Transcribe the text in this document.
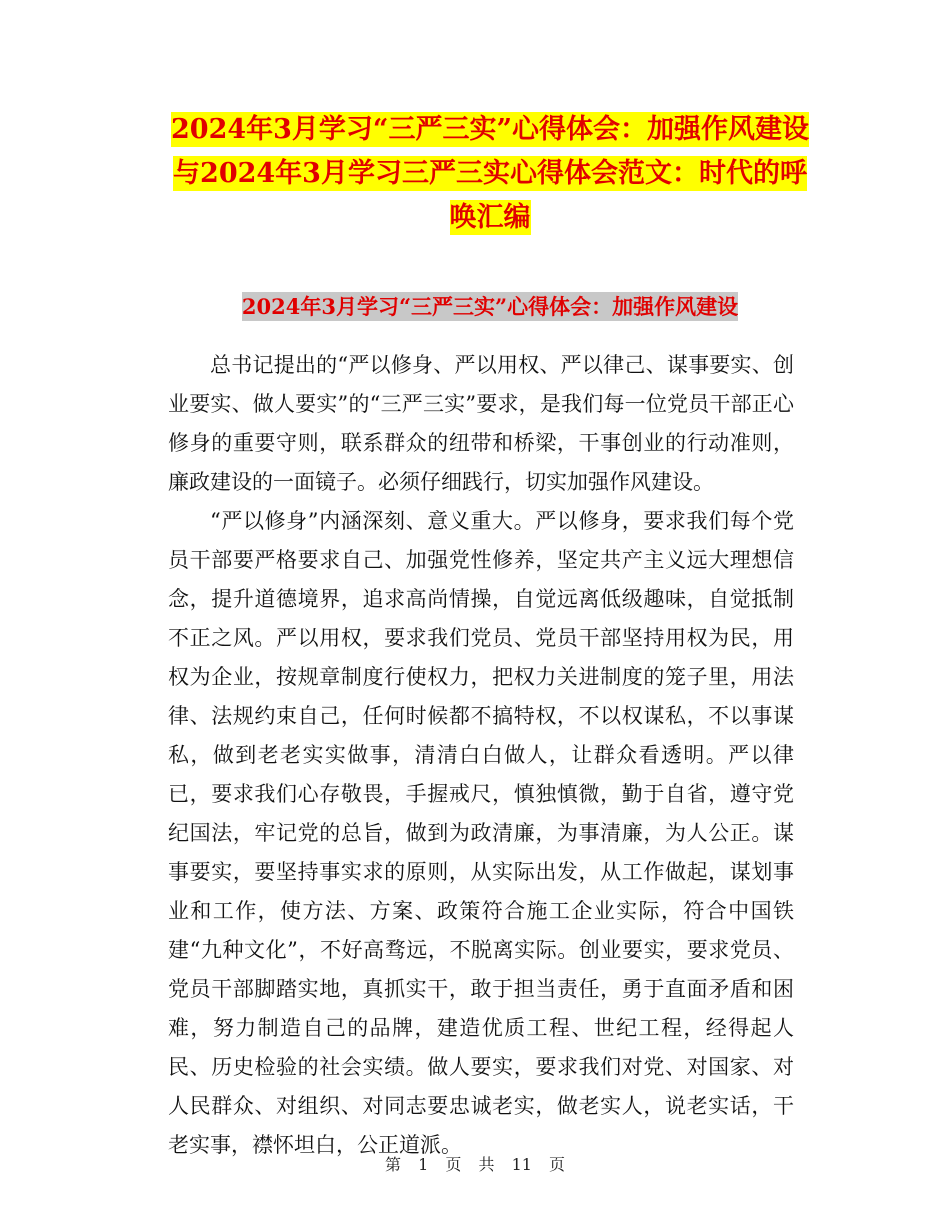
2024年3月学习“三严三实”心得体会：加强作风建设与2024年3月学习三严三实心得体会范文：时代的呼唤汇编
2024年3月学习“三严三实”心得体会：加强作风建设

总书记提出的“严以修身、严以用权、严以律己、谋事要实、创业要实、做人要实”的“三严三实”要求，是我们每一位党员干部正心修身的重要守则，联系群众的纽带和桥梁，干事创业的行动准则，廉政建设的一面镜子。必须仔细践行，切实加强作风建设。

“严以修身”内涵深刻、意义重大。严以修身，要求我们每个党员干部要严格要求自己、加强党性修养，坚定共产主义远大理想信念，提升道德境界，追求高尚情操，自觉远离低级趣味，自觉抵制不正之风。严以用权，要求我们党员、党员干部坚持用权为民，用权为企业，按规章制度行使权力，把权力关进制度的笼子里，用法律、法规约束自己，任何时候都不搞特权，不以权谋私，不以事谋私，做到老老实实做事，清清白白做人，让群众看透明。严以律已，要求我们心存敬畏，手握戒尺，慎独慎微，勤于自省，遵守党纪国法，牢记党的总旨，做到为政清廉，为事清廉，为人公正。谋事要实，要坚持事实求的原则，从实际出发，从工作做起，谋划事业和工作，使方法、方案、政策符合施工企业实际，符合中国铁建“九种文化”，不好高骛远，不脱离实际。创业要实，要求党员、党员干部脚踏实地，真抓实干，敢于担当责任，勇于直面矛盾和困难，努力制造自己的品牌，建造优质工程、世纪工程，经得起人民、历史检验的社会实绩。做人要实，要求我们对党、对国家、对人民群众、对组织、对同志要忠诚老实，做老实人，说老实话，干老实事，襟怀坦白，公正道派。

第 1 页 共 11 页
